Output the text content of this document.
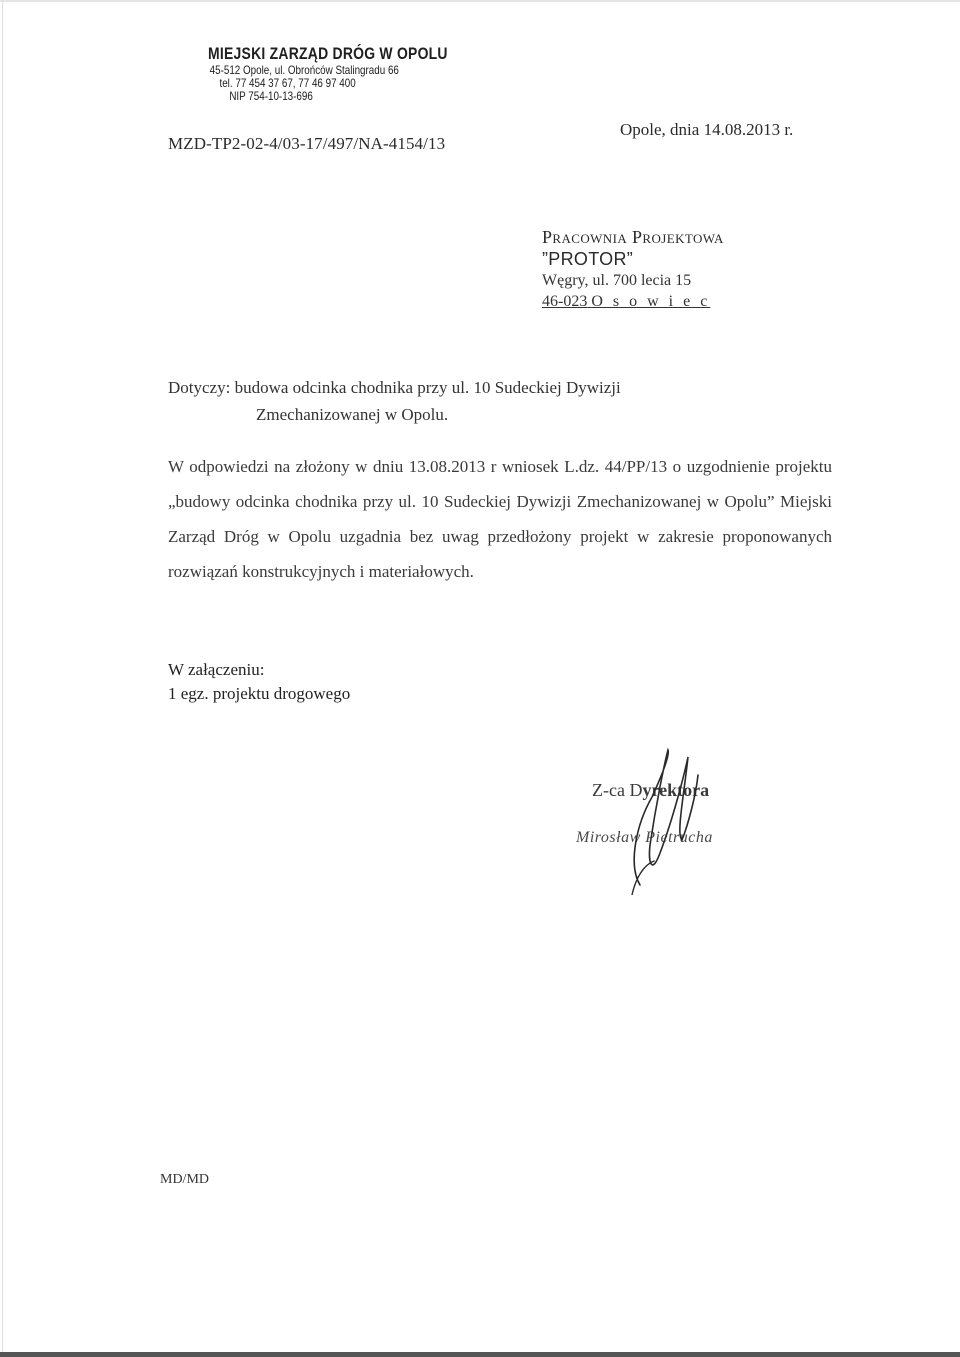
MIEJSKI ZARZĄD DRÓG W OPOLU
45-512 Opole, ul. Obrońców Stalingradu 66
tel. 77 454 37 67, 77 46 97 400
NIP 754-10-13-696
Opole, dnia 14.08.2013 r.
MZD-TP2-02-4/03-17/497/NA-4154/13
Pracownia Projektowa
”PROTOR”
Węgry, ul. 700 lecia 15
46-023 O s o w i e c
Dotyczy: budowa odcinka chodnika przy ul. 10 Sudeckiej Dywizji
Zmechanizowanej w Opolu.
W odpowiedzi na złożony w dniu 13.08.2013 r wniosek L.dz. 44/PP/13 o uzgodnienie projektu „budowy odcinka chodnika przy ul. 10 Sudeckiej Dywizji Zmechanizowanej w Opolu” Miejski Zarząd Dróg w Opolu uzgadnia bez uwag przedłożony projekt w zakresie proponowanych rozwiązań konstrukcyjnych i materiałowych.
W załączeniu:
1 egz. projektu drogowego
Z-ca Dyrektora
Mirosław Pietrucha
MD/MD
